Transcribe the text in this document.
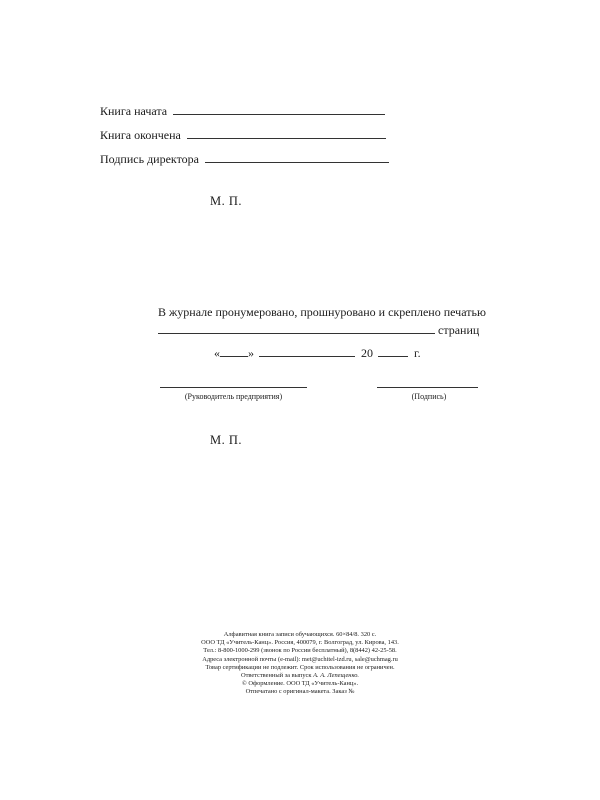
Книга начата
Книга окончена
Подпись директора
М. П.
В журнале пронумеровано, прошнуровано и скреплено печатью
страниц
« »	20	г.
(Руководитель предприятия)	(Подпись)
М. П.
Алфавитная книга записи обучающихся. 60×84/8. 320 с.
ООО ТД «Учитель-Канц». Россия, 400079, г. Волгоград, ул. Кирова, 143.
Тел.: 8-800-1000-299 (звонок по России бесплатный), 8(8442) 42-25-58.
Адреса электронной почты (e-mail): met@uchitel-izd.ru, sale@uchmag.ru
Товар сертификации не подлежит. Срок использования не ограничен.
Ответственный за выпуск А. А. Лепещенко.
© Оформление. ООО ТД «Учитель-Канц».
Отпечатано с оригинал-макета. Заказ №
